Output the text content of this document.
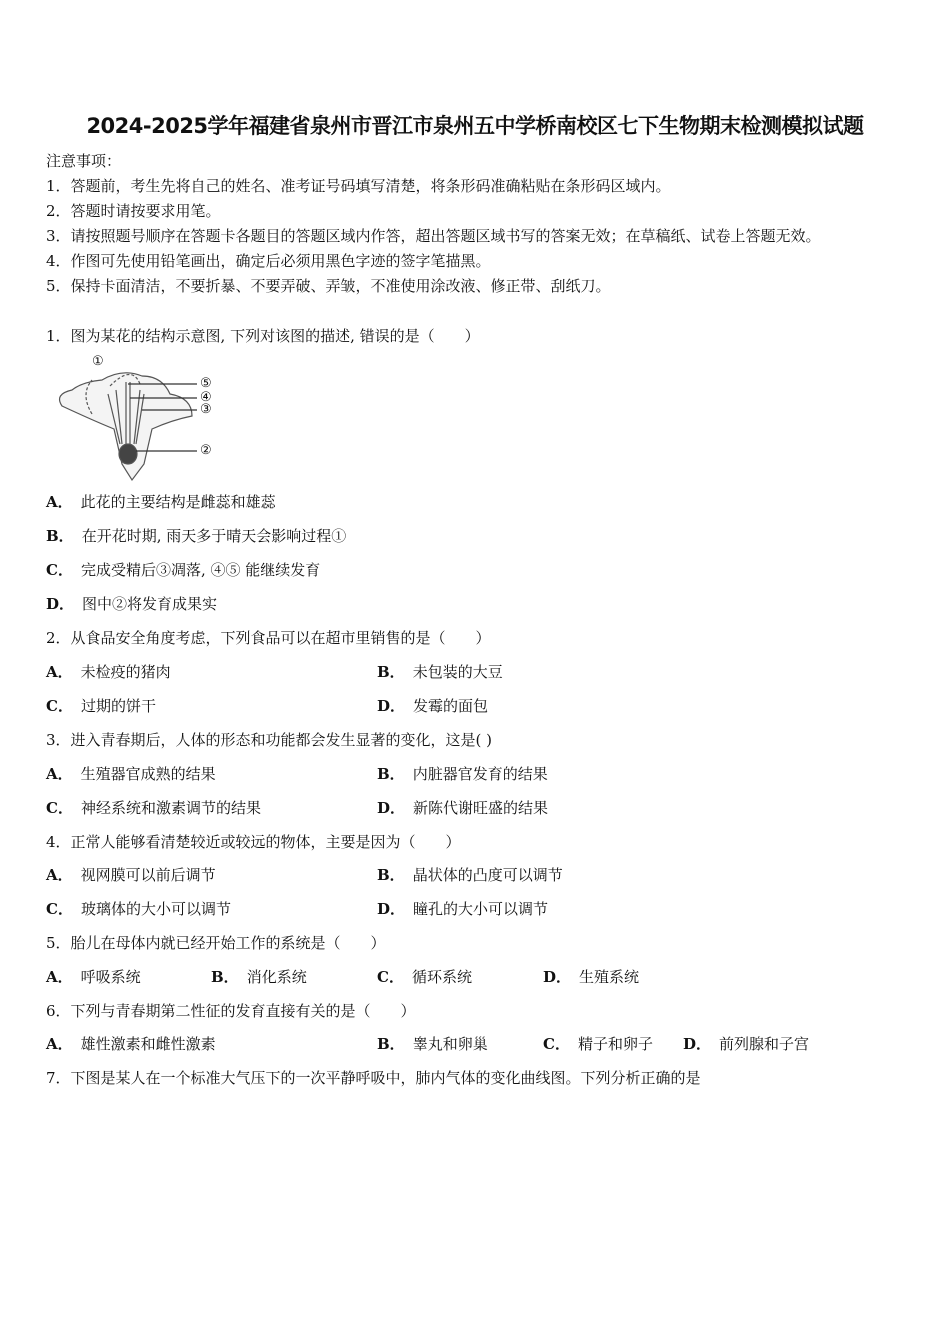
2024-2025学年福建省泉州市晋江市泉州五中学桥南校区七下生物期末检测模拟试题
注意事项：
1．答题前，考生先将自己的姓名、准考证号码填写清楚，将条形码准确粘贴在条形码区域内。
2．答题时请按要求用笔。
3．请按照题号顺序在答题卡各题目的答题区域内作答，超出答题区域书写的答案无效；在草稿纸、试卷上答题无效。
4．作图可先使用铅笔画出，确定后必须用黑色字迹的签字笔描黑。
5．保持卡面清洁，不要折暴、不要弄破、弄皱，不准使用涂改液、修正带、刮纸刀。
1．图为某花的结构示意图, 下列对该图的描述, 错误的是（　　）
①
②
③
④
⑤
A． 此花的主要结构是雌蕊和雄蕊
B． 在开花时期, 雨天多于晴天会影响过程①
C． 完成受精后③凋落, ④⑤ 能继续发育
D． 图中②将发育成果实
2．从食品安全角度考虑，下列食品可以在超市里销售的是（　　）
A． 未检疫的猪肉	B． 未包装的大豆
C． 过期的饼干	D． 发霉的面包
3．进入青春期后，人体的形态和功能都会发生显著的变化，这是( )
A． 生殖器官成熟的结果	B． 内脏器官发育的结果
C． 神经系统和激素调节的结果	D． 新陈代谢旺盛的结果
4．正常人能够看清楚较近或较远的物体，主要是因为（　　）
A． 视网膜可以前后调节	B． 晶状体的凸度可以调节
C． 玻璃体的大小可以调节	D． 瞳孔的大小可以调节
5．胎儿在母体内就已经开始工作的系统是（　　）
A． 呼吸系统	B． 消化系统	C． 循环系统	D． 生殖系统
6．下列与青春期第二性征的发育直接有关的是（　　）
A． 雄性激素和雌性激素	B． 睾丸和卵巢	C． 精子和卵子 D． 前列腺和子宫
7．下图是某人在一个标准大气压下的一次平静呼吸中，肺内气体的变化曲线图。下列分析正确的是
